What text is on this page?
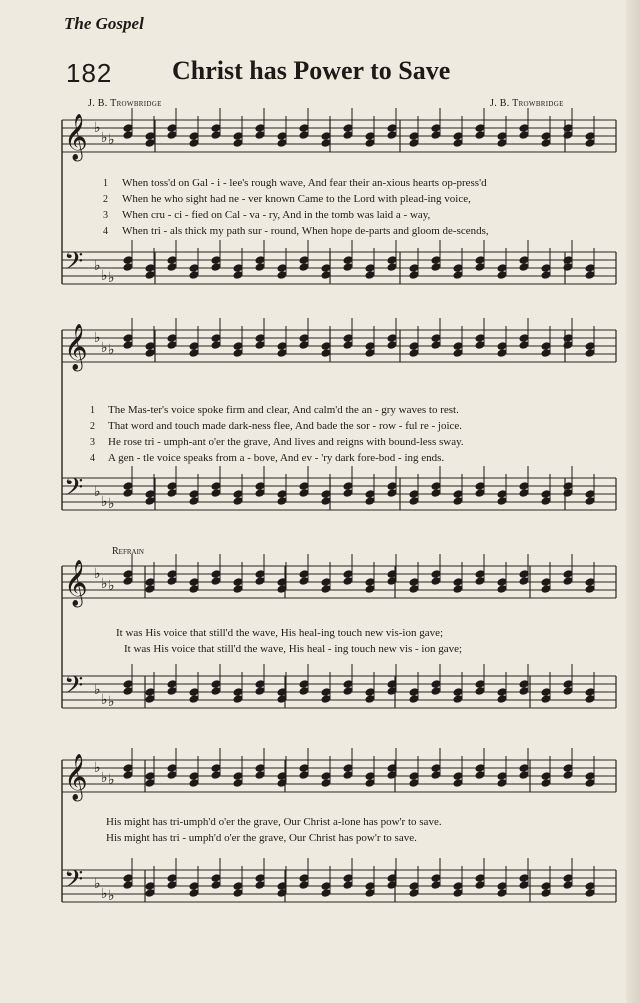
The Gospel
182 Christ has Power to Save
J. B. Trowbridge	J. B. Trowbridge
Refrain
𝄞 ♭
♭ ♭
𝄢 ♭
♭ ♭
𝄞 ♭
♭ ♭
𝄢 ♭
♭ ♭
𝄞 ♭
♭ ♭
𝄢 ♭
♭ ♭
𝄞 ♭
♭ ♭
𝄢 ♭
♭ ♭
1 When toss'd on Gal - i - lee's rough wave, And fear their an-xious hearts op-press'd
2 When he who sight had ne - ver known Came to the Lord with plead-ing voice,
3 When cru - ci - fied on Cal - va - ry, And in the tomb was laid a - way,
4 When tri - als thick my path sur - round, When hope de-parts and gloom de-scends,
1 The Mas-ter's voice spoke firm and clear, And calm'd the an - gry waves to rest.
2 That word and touch made dark-ness flee, And bade the sor - row - ful re - joice.
3 He rose tri - umph-ant o'er the grave, And lives and reigns with bound-less sway.
4 A gen - tle voice speaks from a - bove, And ev - 'ry dark fore-bod - ing ends.
It was His voice that still'd the wave, His heal-ing touch new vis-ion gave;
It was His voice that still'd the wave, His heal - ing touch new vis - ion gave;
His might has tri-umph'd o'er the grave, Our Christ a-lone has pow'r to save.
His might has tri - umph'd o'er the grave, Our Christ has pow'r to save.
